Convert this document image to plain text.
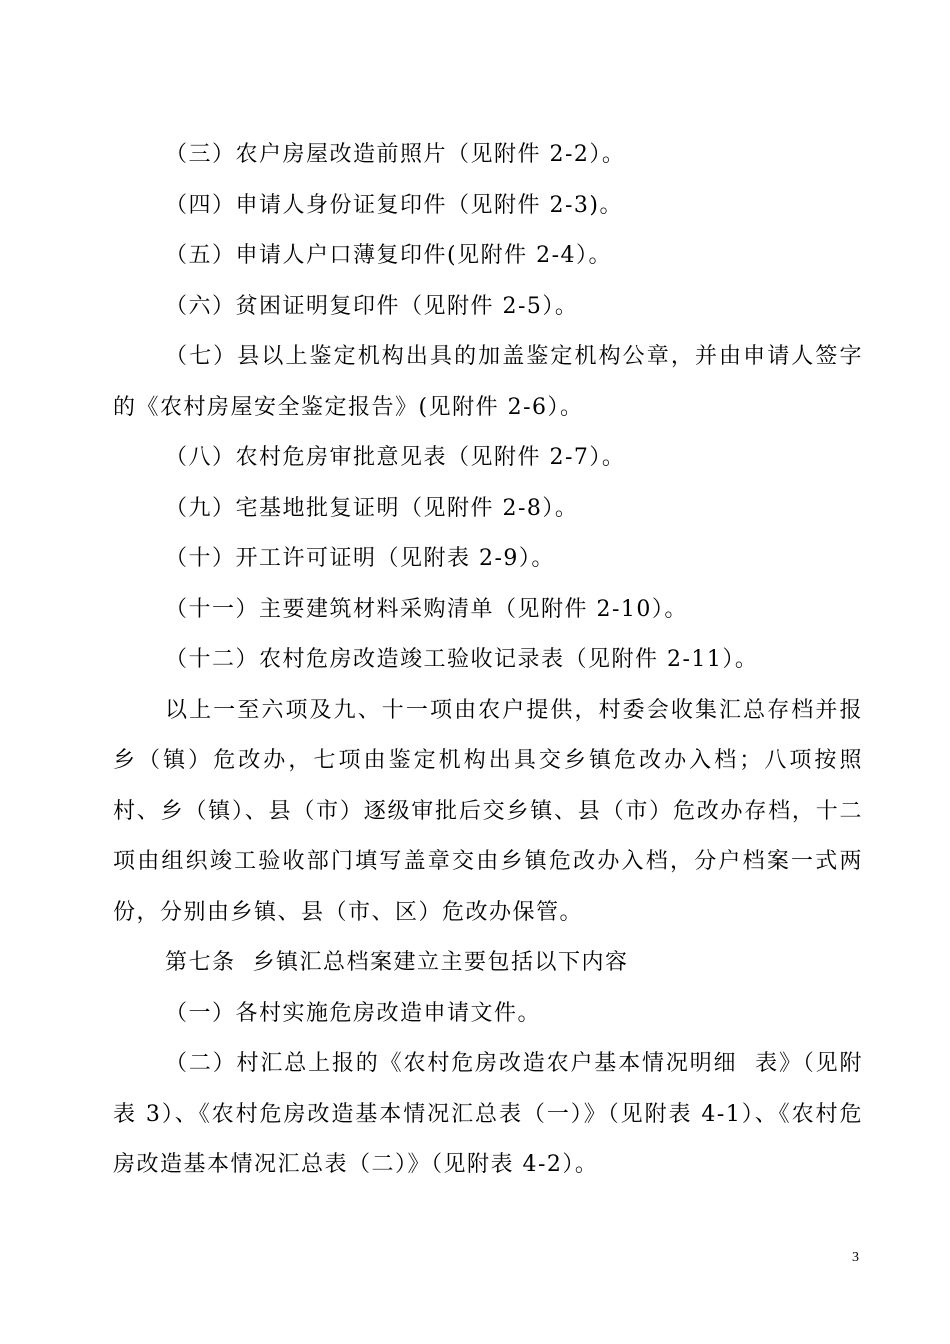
（三）农户房屋改造前照片（见附件 2-2）。

（四）申请人身份证复印件（见附件 2-3)。

（五）申请人户口薄复印件(见附件 2-4）。

（六）贫困证明复印件（见附件 2-5）。

（七）县以上鉴定机构出具的加盖鉴定机构公章，并由申请人签字的《农村房屋安全鉴定报告》(见附件 2-6）。

（八）农村危房审批意见表（见附件 2-7）。

（九）宅基地批复证明（见附件 2-8）。

（十）开工许可证明（见附表 2-9）。

（十一）主要建筑材料采购清单（见附件 2-10）。

（十二）农村危房改造竣工验收记录表（见附件 2-11）。

以上一至六项及九、十一项由农户提供，村委会收集汇总存档并报乡（镇）危改办，七项由鉴定机构出具交乡镇危改办入档；八项按照村、乡（镇）、县（市）逐级审批后交乡镇、县（市）危改办存档，十二项由组织竣工验收部门填写盖章交由乡镇危改办入档，分户档案一式两份，分别由乡镇、县（市、区）危改办保管。

第七条  乡镇汇总档案建立主要包括以下内容

（一）各村实施危房改造申请文件。

（二）村汇总上报的《农村危房改造农户基本情况明细  表》（见附表 3）、《农村危房改造基本情况汇总表（一）》（见附表 4-1）、《农村危房改造基本情况汇总表（二）》（见附表 4-2）。

3
